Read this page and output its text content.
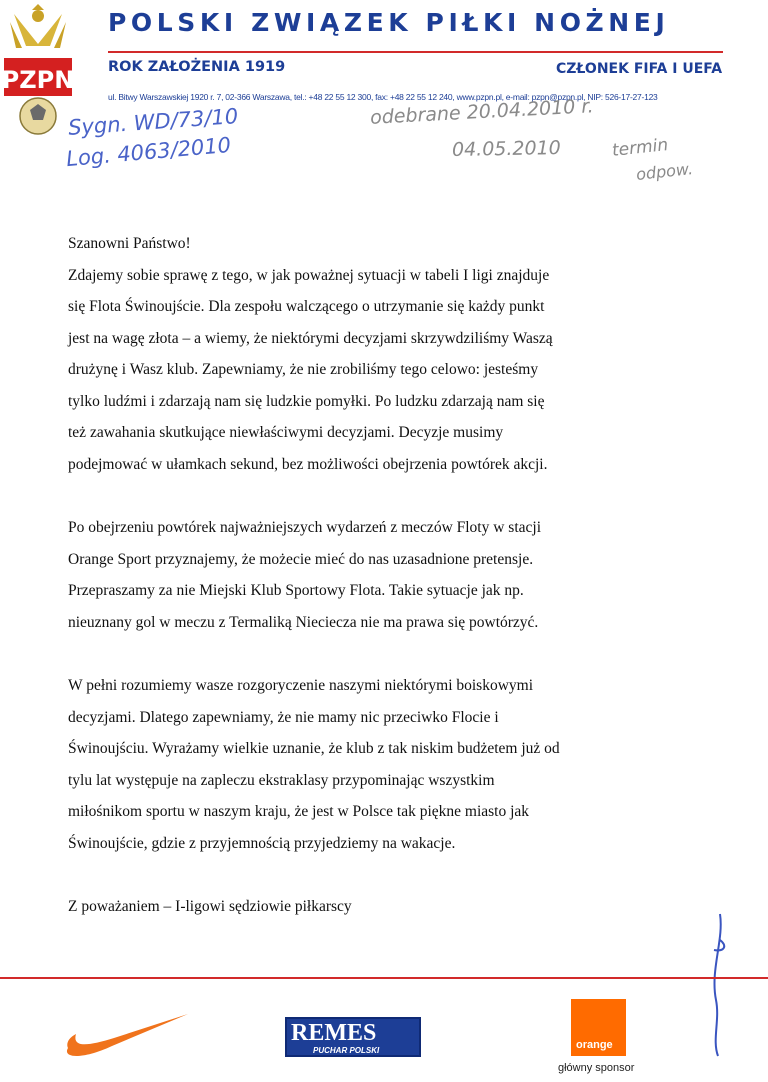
PZPN
POLSKI ZWIĄZEK PIŁKI NOŻNEJ
ROK ZAŁOŻENIA 1919	CZŁONEK FIFA I UEFA
ul. Bitwy Warszawskiej 1920 r. 7, 02-366 Warszawa, tel.: +48 22 55 12 300, fax: +48 22 55 12 240, www.pzpn.pl, e-mail: pzpn@pzpn.pl, NIP: 526-17-27-123
Sygn. WD/73/10
Log. 4063/2010
odebrane 20.04.2010 r.
04.05.2010	termin
odpow.

Szanowni Państwo!

Zdajemy sobie sprawę z tego, w jak poważnej sytuacji w tabeli I ligi znajduje
się Flota Świnoujście. Dla zespołu walczącego o utrzymanie się każdy punkt
jest na wagę złota – a wiemy, że niektórymi decyzjami skrzywdziliśmy Waszą
drużynę i Wasz klub. Zapewniamy, że nie zrobiliśmy tego celowo: jesteśmy
tylko ludźmi i zdarzają nam się ludzkie pomyłki. Po ludzku zdarzają nam się
też zawahania skutkujące niewłaściwymi decyzjami. Decyzje musimy
podejmować w ułamkach sekund, bez możliwości obejrzenia powtórek akcji.

Po obejrzeniu powtórek najważniejszych wydarzeń z meczów Floty w stacji
Orange Sport przyznajemy, że możecie mieć do nas uzasadnione pretensje.
Przepraszamy za nie Miejski Klub Sportowy Flota. Takie sytuacje jak np.
nieuznany gol w meczu z Termaliką Nieciecza nie ma prawa się powtórzyć.

W pełni rozumiemy wasze rozgoryczenie naszymi niektórymi boiskowymi
decyzjami. Dlatego zapewniamy, że nie mamy nic przeciwko Flocie i
Świnoujściu. Wyrażamy wielkie uznanie, że klub z tak niskim budżetem już od
tylu lat występuje na zapleczu ekstraklasy przypominając wszystkim
miłośnikom sportu w naszym kraju, że jest w Polsce tak piękne miasto jak
Świnoujście, gdzie z przyjemnością przyjedziemy na wakacje.

Z poważaniem – I-ligowi sędziowie piłkarscy

REMES
PUCHAR POLSKI	orange
główny sponsor
